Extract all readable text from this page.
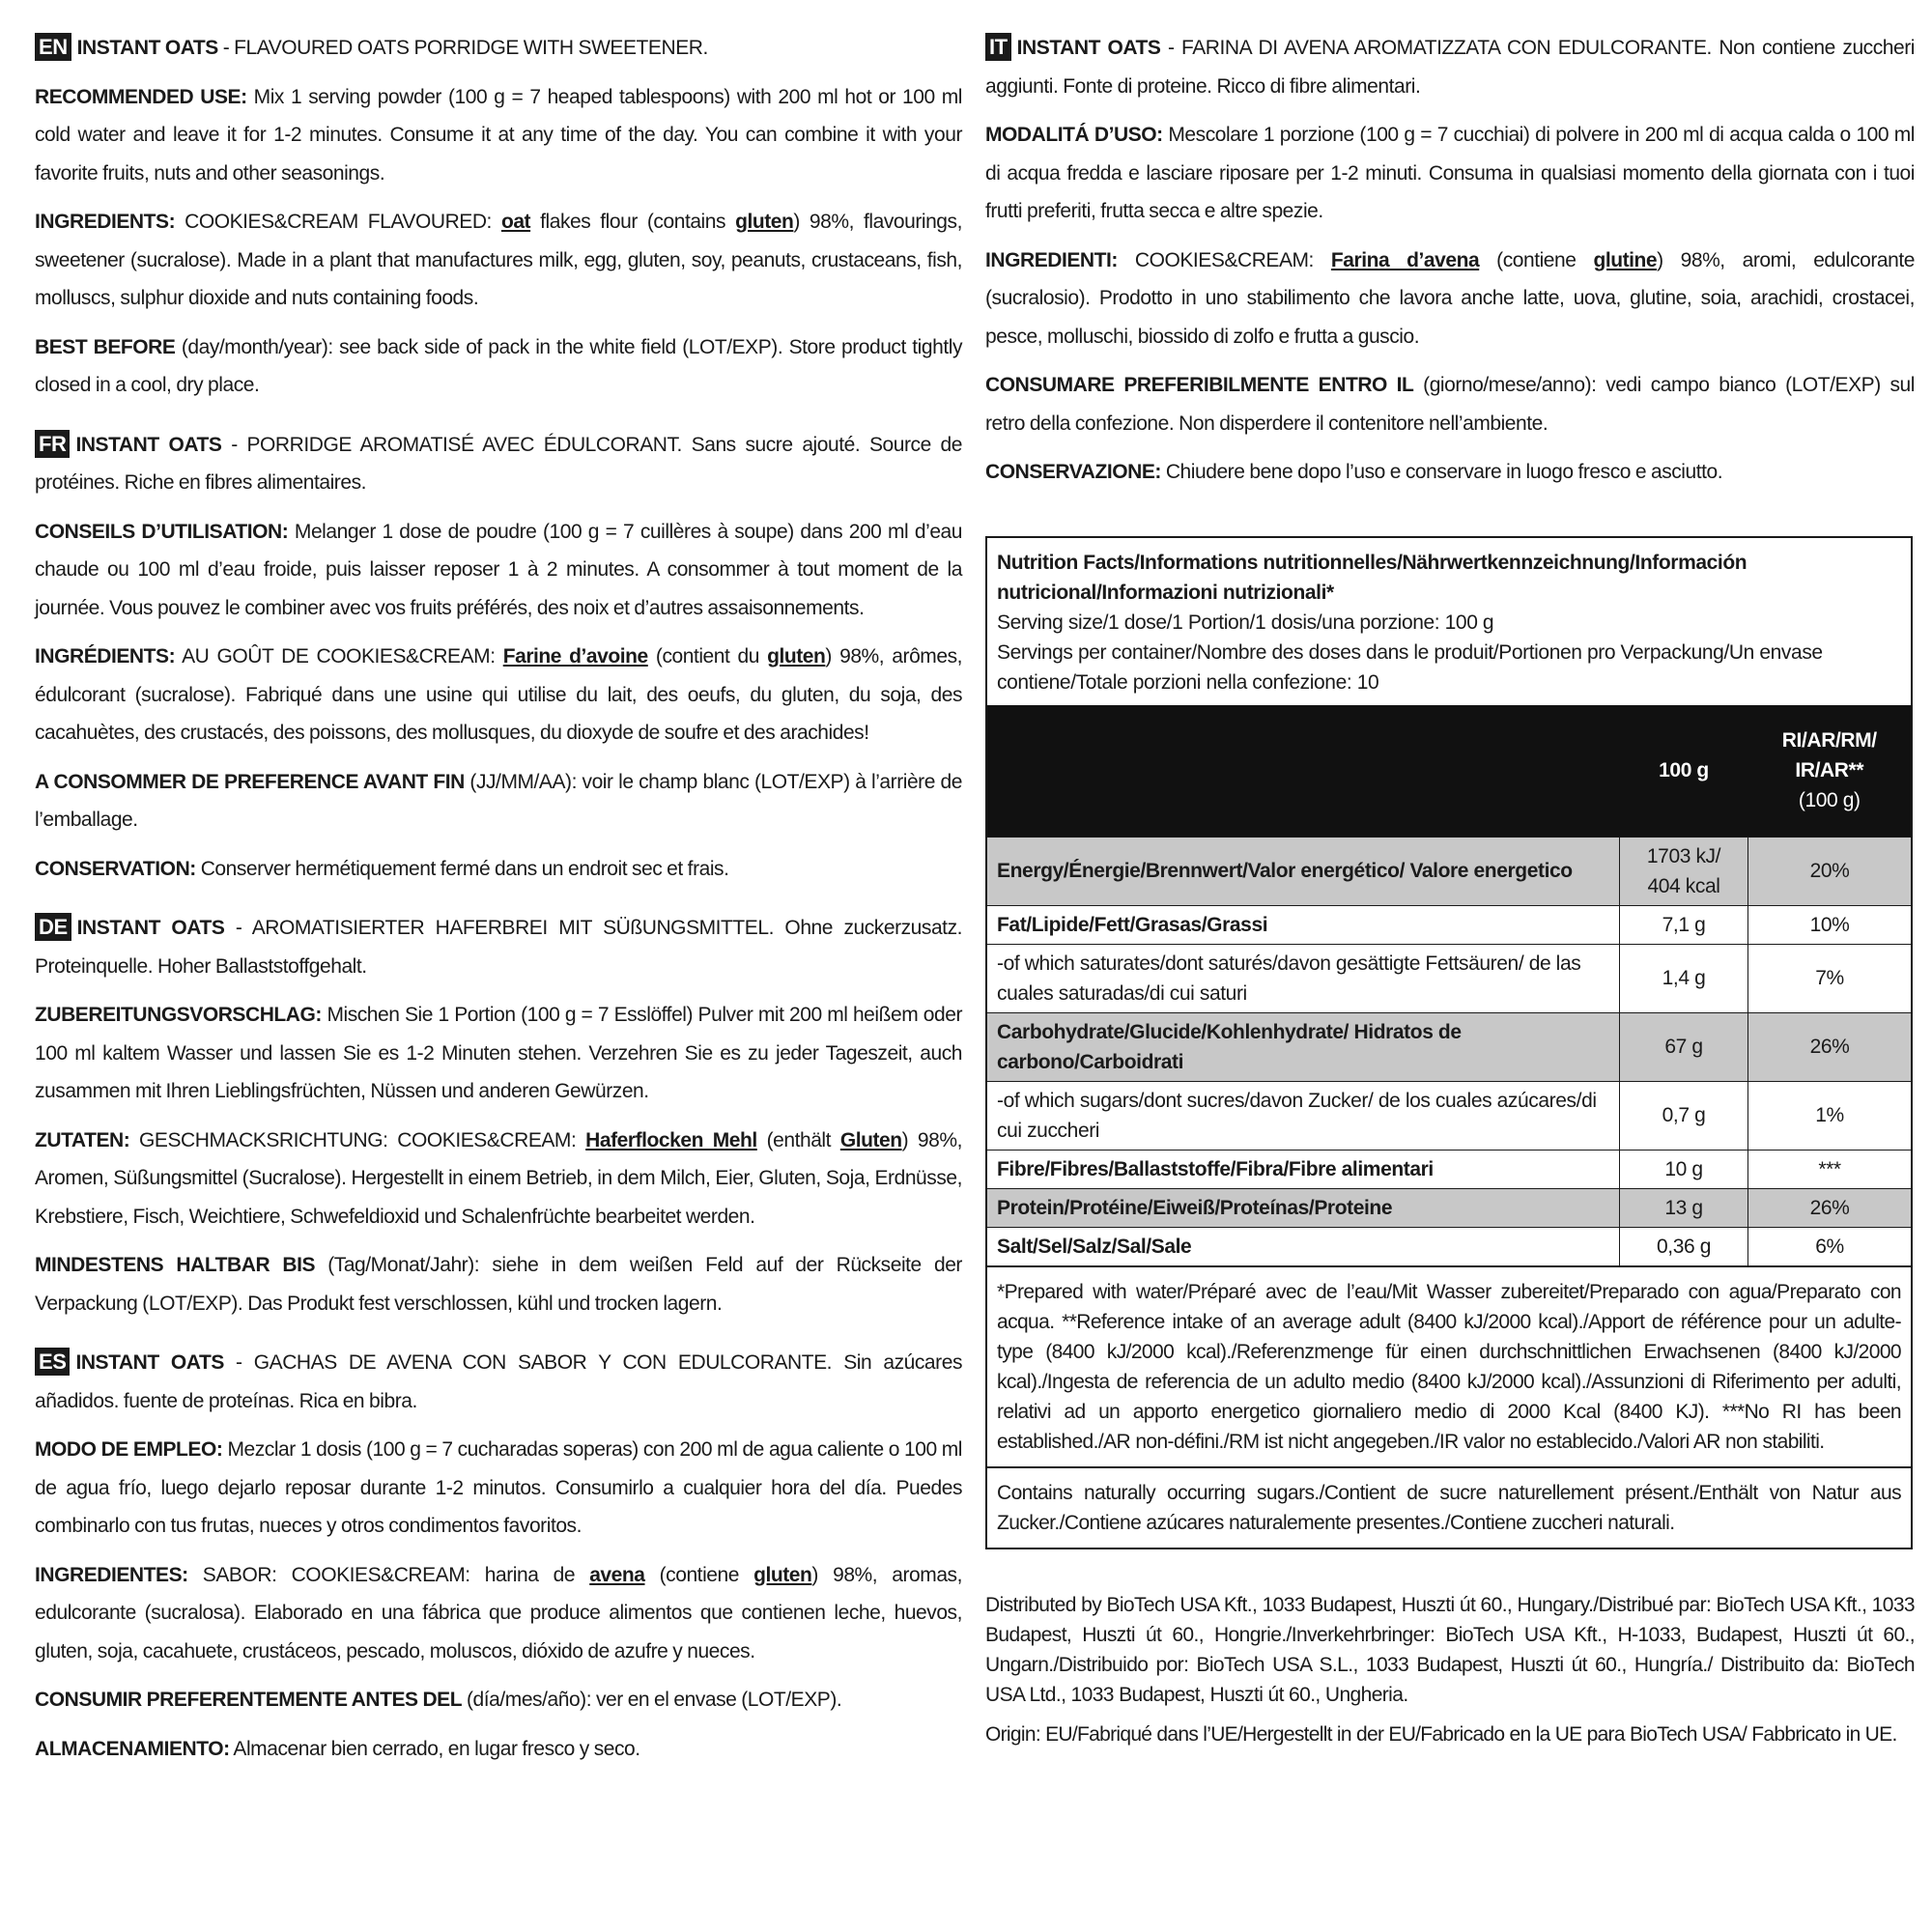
EN INSTANT OATS - FLAVOURED OATS PORRIDGE WITH SWEETENER.

RECOMMENDED USE: Mix 1 serving powder (100 g = 7 heaped tablespoons) with 200 ml hot or 100 ml cold water and leave it for 1-2 minutes. Consume it at any time of the day. You can combine it with your favorite fruits, nuts and other seasonings.

INGREDIENTS: COOKIES&CREAM FLAVOURED: oat flakes flour (contains gluten) 98%, flavourings, sweetener (sucralose). Made in a plant that manufactures milk, egg, gluten, soy, peanuts, crustaceans, fish, molluscs, sulphur dioxide and nuts containing foods.

BEST BEFORE (day/month/year): see back side of pack in the white field (LOT/EXP). Store product tightly closed in a cool, dry place.

FR INSTANT OATS - PORRIDGE AROMATISÉ AVEC ÉDULCORANT. Sans sucre ajouté. Source de protéines. Riche en fibres alimentaires.

CONSEILS D’UTILISATION: Melanger 1 dose de poudre (100 g = 7 cuillères à soupe) dans 200 ml d’eau chaude ou 100 ml d’eau froide, puis laisser reposer 1 à 2 minutes. A consommer à tout moment de la journée. Vous pouvez le combiner avec vos fruits préférés, des noix et d’autres assaisonnements.

INGRÉDIENTS: AU GOÛT DE COOKIES&CREAM: Farine d’avoine (contient du gluten) 98%, arômes, édulcorant (sucralose). Fabriqué dans une usine qui utilise du lait, des oeufs, du gluten, du soja, des cacahuètes, des crustacés, des poissons, des mollusques, du dioxyde de soufre et des arachides!

A CONSOMMER DE PREFERENCE AVANT FIN (JJ/MM/AA): voir le champ blanc (LOT/EXP) à l’arrière de l’emballage.

CONSERVATION: Conserver hermétiquement fermé dans un endroit sec et frais.

DE INSTANT OATS - AROMATISIERTER HAFERBREI MIT SÜßUNGSMITTEL. Ohne zuckerzusatz. Proteinquelle. Hoher Ballaststoffgehalt.

ZUBEREITUNGSVORSCHLAG: Mischen Sie 1 Portion (100 g = 7 Esslöffel) Pulver mit 200 ml heißem oder 100 ml kaltem Wasser und lassen Sie es 1-2 Minuten stehen. Verzehren Sie es zu jeder Tageszeit, auch zusammen mit Ihren Lieblingsfrüchten, Nüssen und anderen Gewürzen.

ZUTATEN: GESCHMACKSRICHTUNG: COOKIES&CREAM: Haferflocken Mehl (enthält Gluten) 98%, Aromen, Süßungsmittel (Sucralose). Hergestellt in einem Betrieb, in dem Milch, Eier, Gluten, Soja, Erdnüsse, Krebstiere, Fisch, Weichtiere, Schwefeldioxid und Schalenfrüchte bearbeitet werden.

MINDESTENS HALTBAR BIS (Tag/Monat/Jahr): siehe in dem weißen Feld auf der Rückseite der Verpackung (LOT/EXP). Das Produkt fest verschlossen, kühl und trocken lagern.

ES INSTANT OATS - GACHAS DE AVENA CON SABOR Y CON EDULCORANTE. Sin azúcares añadidos. fuente de proteínas. Rica en bibra.

MODO DE EMPLEO: Mezclar 1 dosis (100 g = 7 cucharadas soperas) con 200 ml de agua caliente o 100 ml de agua frío, luego dejarlo reposar durante 1-2 minutos. Consumirlo a cualquier hora del día. Puedes combinarlo con tus frutas, nueces y otros condimentos favoritos.

INGREDIENTES: SABOR: COOKIES&CREAM: harina de avena (contiene gluten) 98%, aromas, edulcorante (sucralosa). Elaborado en una fábrica que produce alimentos que contienen leche, huevos, gluten, soja, cacahuete, crustáceos, pescado, moluscos, dióxido de azufre y nueces.

CONSUMIR PREFERENTEMENTE ANTES DEL (día/mes/año): ver en el envase (LOT/EXP).

ALMACENAMIENTO: Almacenar bien cerrado, en lugar fresco y seco.

IT INSTANT OATS - FARINA DI AVENA AROMATIZZATA CON EDULCORANTE. Non contiene zuccheri aggiunti. Fonte di proteine. Ricco di fibre alimentari.

MODALITÁ D’USO: Mescolare 1 porzione (100 g = 7 cucchiai) di polvere in 200 ml di acqua calda o 100 ml di acqua fredda e lasciare riposare per 1-2 minuti. Consuma in qualsiasi momento della giornata con i tuoi frutti preferiti, frutta secca e altre spezie.

INGREDIENTI: COOKIES&CREAM: Farina d’avena (contiene glutine) 98%, aromi, edulcorante (sucralosio). Prodotto in uno stabilimento che lavora anche latte, uova, glutine, soia, arachidi, crostacei, pesce, molluschi, biossido di zolfo e frutta a guscio.

CONSUMARE PREFERIBILMENTE ENTRO IL (giorno/mese/anno): vedi campo bianco (LOT/EXP) sul retro della confezione. Non disperdere il contenitore nell’ambiente.

CONSERVAZIONE: Chiudere bene dopo l’uso e conservare in luogo fresco e asciutto.

Nutrition Facts/Informations nutritionnelles/Nährwertkennzeichnung/Información nutricional/Informazioni nutrizionali*
Serving size/1 dose/1 Portion/1 dosis/una porzione: 100 g
Servings per container/Nombre des doses dans le produit/Portionen pro Verpackung/Un envase contiene/Totale porzioni nella confezione: 10
	100 g	RI/AR/RM/ IR/AR**
(100 g)

Energy/Énergie/Brennwert/Valor energético/ Valore energetico	1703 kJ/ 404 kcal	20%
Fat/Lipide/Fett/Grasas/Grassi	7,1 g	10%
-of which saturates/dont saturés/davon gesättigte Fettsäuren/ de las cuales saturadas/di cui saturi	1,4 g	7%
Carbohydrate/Glucide/Kohlenhydrate/ Hidratos de carbono/Carboidrati	67 g	26%
-of which sugars/dont sucres/davon Zucker/ de los cuales azúcares/di cui zuccheri	0,7 g	1%
Fibre/Fibres/Ballaststoffe/Fibra/Fibre alimentari	10 g	***
Protein/Protéine/Eiweiß/Proteínas/Proteine	13 g	26%
Salt/Sel/Salz/Sal/Sale	0,36 g	6%
*Prepared with water/Préparé avec de l’eau/Mit Wasser zubereitet/Preparado con agua/Preparato con acqua. **Reference intake of an average adult (8400 kJ/2000 kcal)./Apport de référence pour un adulte-type (8400 kJ/2000 kcal)./Referenzmenge für einen durchschnittlichen Erwachsenen (8400 kJ/2000 kcal)./Ingesta de referencia de un adulto medio (8400 kJ/2000 kcal)./Assunzioni di Riferimento per adulti, relativi ad un apporto energetico giornaliero medio di 2000 Kcal (8400 KJ). ***No RI has been established./AR non-défini./RM ist nicht angegeben./IR valor no establecido./Valori AR non stabiliti.
Contains naturally occurring sugars./Contient de sucre naturellement présent./Enthält von Natur aus Zucker./Contiene azúcares naturalemente presentes./Contiene zuccheri naturali.
Distributed by BioTech USA Kft., 1033 Budapest, Huszti út 60., Hungary./Distribué par: BioTech USA Kft., 1033 Budapest, Huszti út 60., Hongrie./Inverkehrbringer: BioTech USA Kft., H-1033, Budapest, Huszti út 60., Ungarn./Distribuido por: BioTech USA S.L., 1033 Budapest, Huszti út 60., Hungría./ Distribuito da: BioTech USA Ltd., 1033 Budapest, Huszti út 60., Ungheria.
Origin: EU/Fabriqué dans l’UE/Hergestellt in der EU/Fabricado en la UE para BioTech USA/ Fabbricato in UE.
